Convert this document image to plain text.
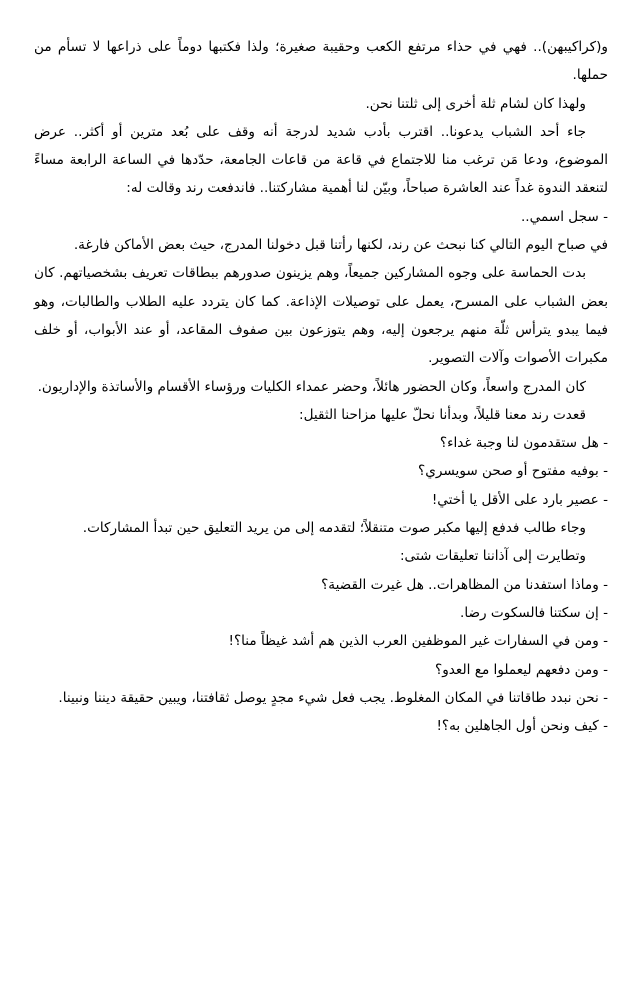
و(كراكيبهن).. فهي في حذاء مرتفع الكعب وحقيبة صغيرة؛ ولذا فكتبها دوماً على ذراعها لا تسأم من حملها.

ولهذا كان لشام ثلة أخرى إلى ثلتنا نحن.

جاء أحد الشباب يدعونا.. اقترب بأدب شديد لدرجة أنه وقف على بُعد مترين أو أكثر.. عرض الموضوع، ودعا مَن ترغب منا للاجتماع في قاعة من قاعات الجامعة، حدّدها في الساعة الرابعة مساءً لتنعقد الندوة غداً عند العاشرة صباحاً، وبيّن لنا أهمية مشاركتنا.. فاندفعت رند وقالت له:

- سجل اسمي..

في صباح اليوم التالي كنا نبحث عن رند، لكنها رأتنا قبل دخولنا المدرج، حيث بعض الأماكن فارغة.

بدت الحماسة على وجوه المشاركين جميعاً، وهم يزينون صدورهم ببطاقات تعريف بشخصياتهم. كان بعض الشباب على المسرح، يعمل على توصيلات الإذاعة. كما كان يتردد عليه الطلاب والطالبات، وهو فيما يبدو يترأس ثلّة منهم يرجعون إليه، وهم يتوزعون بين صفوف المقاعد، أو عند الأبواب، أو خلف مكبرات الأصوات وآلات التصوير.

كان المدرج واسعاً، وكان الحضور هائلاً، وحضر عمداء الكليات ورؤساء الأقسام والأساتذة والإداريون.

قعدت رند معنا قليلاً، وبدأنا نحلّ عليها مزاحنا الثقيل:

- هل ستقدمون لنا وجبة غداء؟

- بوفيه مفتوح أو صحن سويسري؟

- عصير بارد على الأقل يا أختي!

وجاء طالب فدفع إليها مكبر صوت متنقلاً؛ لتقدمه إلى من يريد التعليق حين تبدأ المشاركات.

وتطايرت إلى آذاننا تعليقات شتى:

- وماذا استفدنا من المظاهرات.. هل غيرت القضية؟

- إن سكتنا فالسكوت رضا.

- ومن في السفارات غير الموظفين العرب الذين هم أشد غيظاً منا؟!

- ومن دفعهم ليعملوا مع العدو؟

- نحن نبدد طاقاتنا في المكان المغلوط. يجب فعل شيء مجدٍ يوصل ثقافتنا، ويبين حقيقة ديننا ونبينا.

- كيف ونحن أول الجاهلين به؟!
